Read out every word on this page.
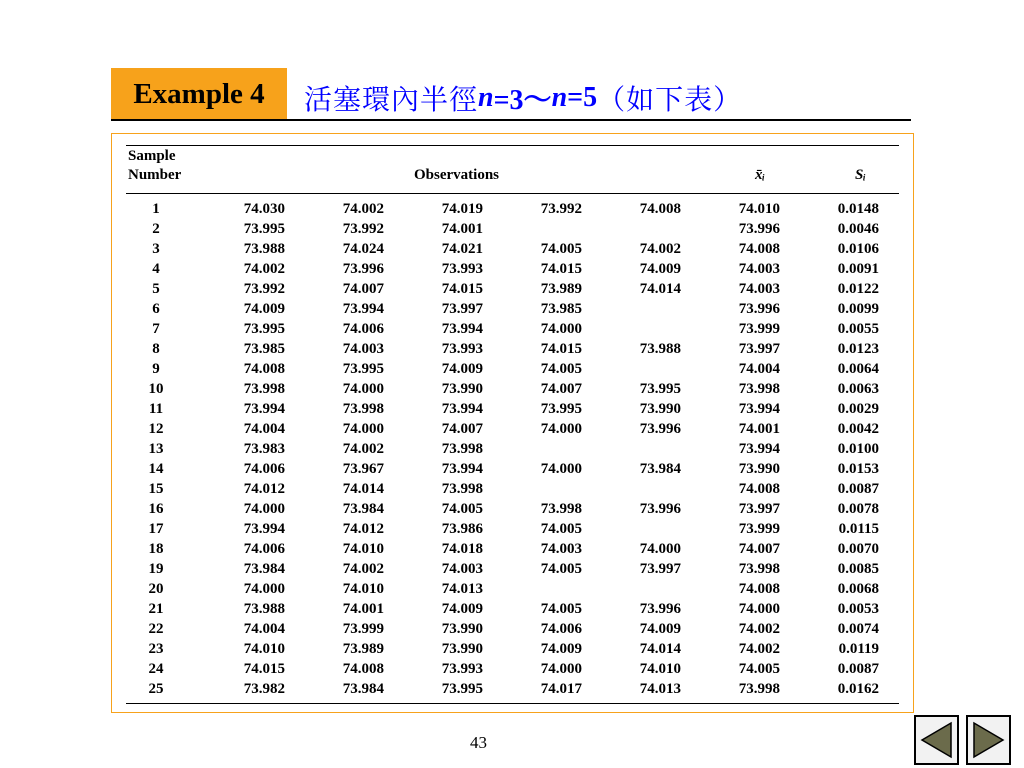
Example 4 活塞環內半徑 n =3～ n =5 （如下表）
Sample
Number	Observations	x̄ᵢ	Sᵢ
1	74.030	74.002	74.019	73.992	74.008	74.010	0.0148
2	73.995	73.992	74.001			73.996	0.0046
3	73.988	74.024	74.021	74.005	74.002	74.008	0.0106
4	74.002	73.996	73.993	74.015	74.009	74.003	0.0091
5	73.992	74.007	74.015	73.989	74.014	74.003	0.0122
6	74.009	73.994	73.997	73.985		73.996	0.0099
7	73.995	74.006	73.994	74.000		73.999	0.0055
8	73.985	74.003	73.993	74.015	73.988	73.997	0.0123
9	74.008	73.995	74.009	74.005		74.004	0.0064
10	73.998	74.000	73.990	74.007	73.995	73.998	0.0063
11	73.994	73.998	73.994	73.995	73.990	73.994	0.0029
12	74.004	74.000	74.007	74.000	73.996	74.001	0.0042
13	73.983	74.002	73.998			73.994	0.0100
14	74.006	73.967	73.994	74.000	73.984	73.990	0.0153
15	74.012	74.014	73.998			74.008	0.0087
16	74.000	73.984	74.005	73.998	73.996	73.997	0.0078
17	73.994	74.012	73.986	74.005		73.999	0.0115
18	74.006	74.010	74.018	74.003	74.000	74.007	0.0070
19	73.984	74.002	74.003	74.005	73.997	73.998	0.0085
20	74.000	74.010	74.013			74.008	0.0068
21	73.988	74.001	74.009	74.005	73.996	74.000	0.0053
22	74.004	73.999	73.990	74.006	74.009	74.002	0.0074
23	74.010	73.989	73.990	74.009	74.014	74.002	0.0119
24	74.015	74.008	73.993	74.000	74.010	74.005	0.0087
25	73.982	73.984	73.995	74.017	74.013	73.998	0.0162
43
